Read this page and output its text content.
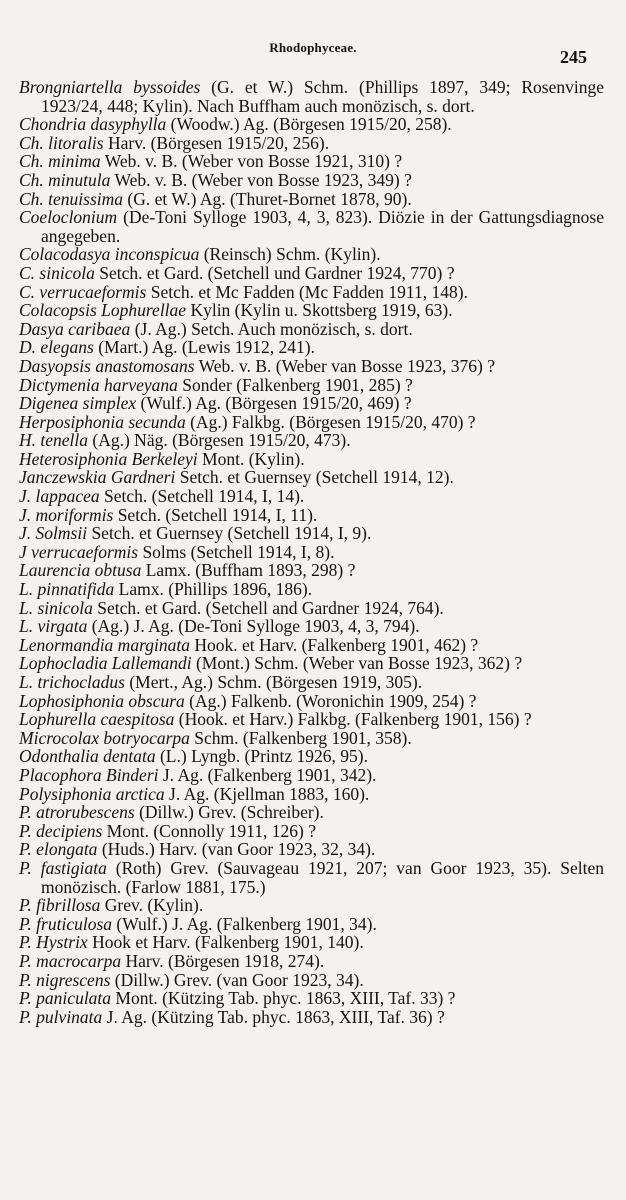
Rhodophyceae.	245
Brongniartella byssoides (G. et W.) Schm. (Phillips 1897, 349; Rosenvinge 1923/24, 448; Kylin). Nach Buffham auch monözisch, s. dort.
Chondria dasyphylla (Woodw.) Ag. (Börgesen 1915/20, 258).
Ch. litoralis Harv. (Börgesen 1915/20, 256).
Ch. minima Web. v. B. (Weber von Bosse 1921, 310) ?
Ch. minutula Web. v. B. (Weber von Bosse 1923, 349) ?
Ch. tenuissima (G. et W.) Ag. (Thuret-Bornet 1878, 90).
Coeloclonium (De-Toni Sylloge 1903, 4, 3, 823). Diözie in der Gattungsdiagnose angegeben.
Colacodasya inconspicua (Reinsch) Schm. (Kylin).
C. sinicola Setch. et Gard. (Setchell und Gardner 1924, 770) ?
C. verrucaeformis Setch. et Mc Fadden (Mc Fadden 1911, 148).
Colacopsis Lophurellae Kylin (Kylin u. Skottsberg 1919, 63).
Dasya caribaea (J. Ag.) Setch. Auch monözisch, s. dort.
D. elegans (Mart.) Ag. (Lewis 1912, 241).
Dasyopsis anastomosans Web. v. B. (Weber van Bosse 1923, 376) ?
Dictymenia harveyana Sonder (Falkenberg 1901, 285) ?
Digenea simplex (Wulf.) Ag. (Börgesen 1915/20, 469) ?
Herposiphonia secunda (Ag.) Falkbg. (Börgesen 1915/20, 470) ?
H. tenella (Ag.) Näg. (Börgesen 1915/20, 473).
Heterosiphonia Berkeleyi Mont. (Kylin).
Janczewskia Gardneri Setch. et Guernsey (Setchell 1914, 12).
J. lappacea Setch. (Setchell 1914, I, 14).
J. moriformis Setch. (Setchell 1914, I, 11).
J. Solmsii Setch. et Guernsey (Setchell 1914, I, 9).
J verrucaeformis Solms (Setchell 1914, I, 8).
Laurencia obtusa Lamx. (Buffham 1893, 298) ?
L. pinnatifida Lamx. (Phillips 1896, 186).
L. sinicola Setch. et Gard. (Setchell and Gardner 1924, 764).
L. virgata (Ag.) J. Ag. (De-Toni Sylloge 1903, 4, 3, 794).
Lenormandia marginata Hook. et Harv. (Falkenberg 1901, 462) ?
Lophocladia Lallemandi (Mont.) Schm. (Weber van Bosse 1923, 362) ?
L. trichocladus (Mert., Ag.) Schm. (Börgesen 1919, 305).
Lophosiphonia obscura (Ag.) Falkenb. (Woronichin 1909, 254) ?
Lophurella caespitosa (Hook. et Harv.) Falkbg. (Falkenberg 1901, 156) ?
Microcolax botryocarpa Schm. (Falkenberg 1901, 358).
Odonthalia dentata (L.) Lyngb. (Printz 1926, 95).
Placophora Binderi J. Ag. (Falkenberg 1901, 342).
Polysiphonia arctica J. Ag. (Kjellman 1883, 160).
P. atrorubescens (Dillw.) Grev. (Schreiber).
P. decipiens Mont. (Connolly 1911, 126) ?
P. elongata (Huds.) Harv. (van Goor 1923, 32, 34).
P. fastigiata (Roth) Grev. (Sauvageau 1921, 207; van Goor 1923, 35). Selten monözisch. (Farlow 1881, 175.)
P. fibrillosa Grev. (Kylin).
P. fruticulosa (Wulf.) J. Ag. (Falkenberg 1901, 34).
P. Hystrix Hook et Harv. (Falkenberg 1901, 140).
P. macrocarpa Harv. (Börgesen 1918, 274).
P. nigrescens (Dillw.) Grev. (van Goor 1923, 34).
P. paniculata Mont. (Kützing Tab. phyc. 1863, XIII, Taf. 33) ?
P. pulvinata J. Ag. (Kützing Tab. phyc. 1863, XIII, Taf. 36) ?
